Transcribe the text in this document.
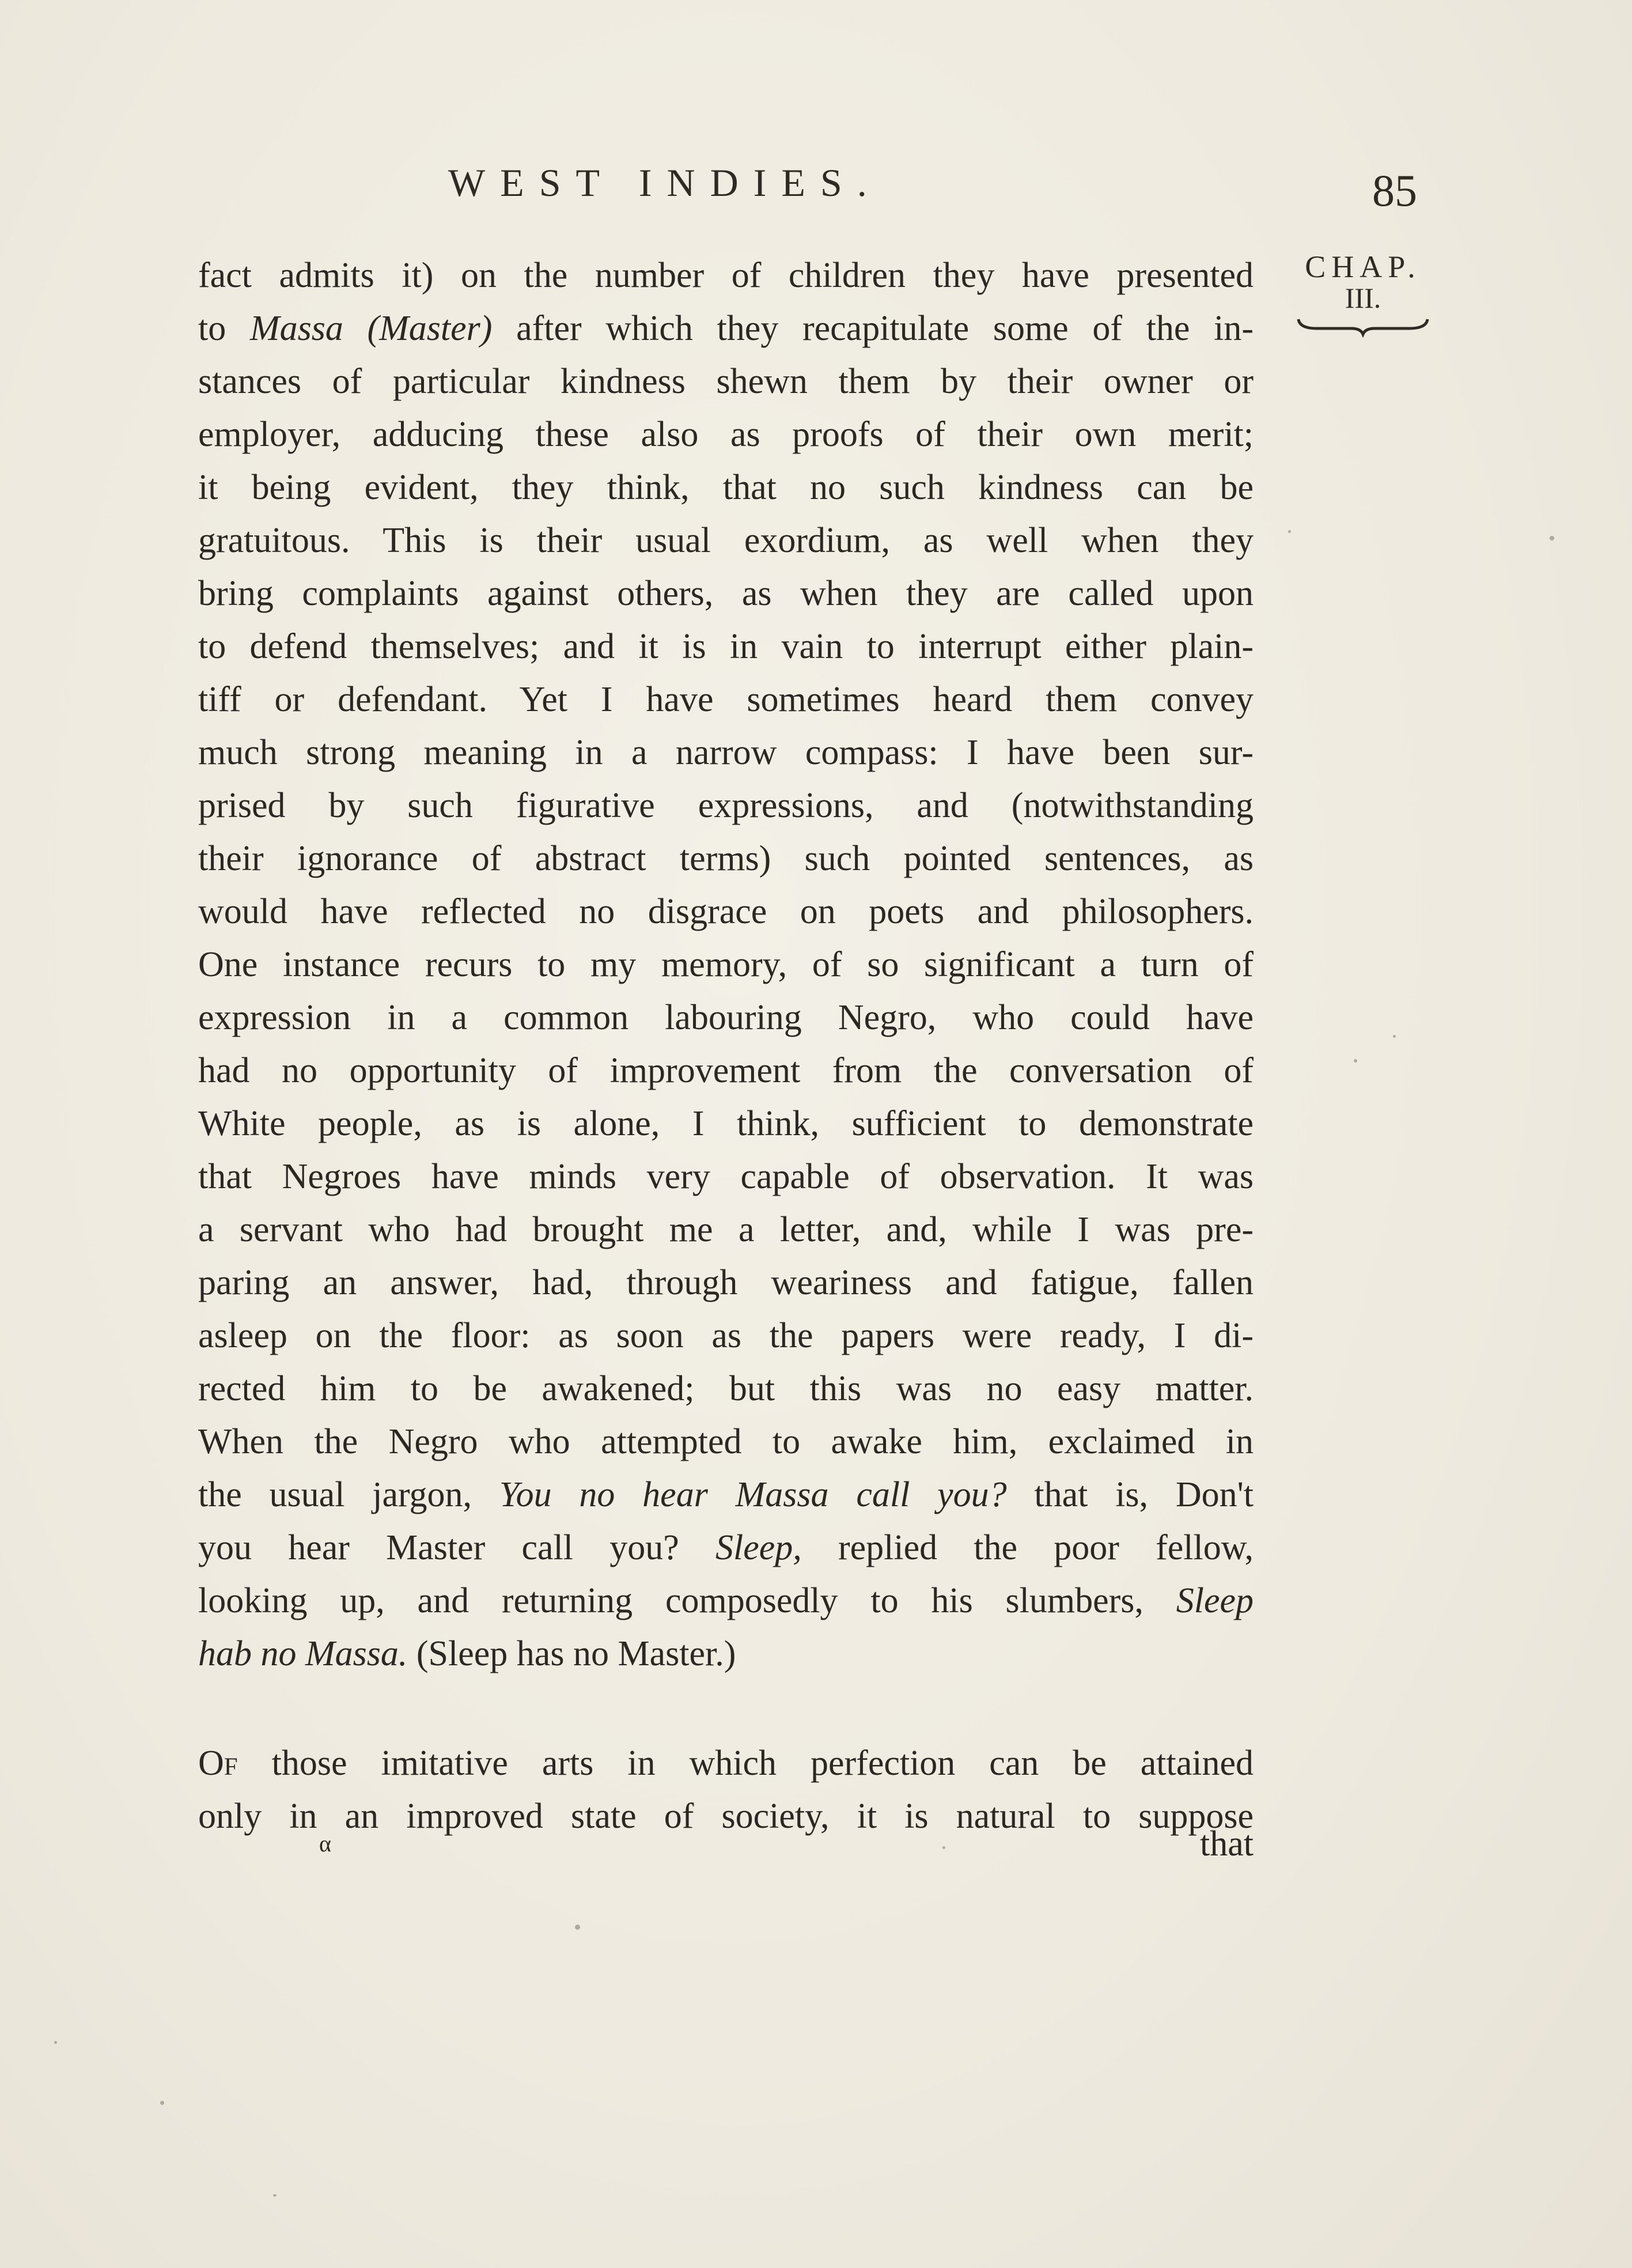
WEST INDIES.	85
CHAP.
III.
fact admits it) on the number of children they have presented
to Massa (Master) after which they recapitulate some of the in-
stances of particular kindness shewn them by their owner or
employer, adducing these also as proofs of their own merit;
it being evident, they think, that no such kindness can be
gratuitous. This is their usual exordium, as well when they
bring complaints against others, as when they are called upon
to defend themselves; and it is in vain to interrupt either plain-
tiff or defendant. Yet I have sometimes heard them convey
much strong meaning in a narrow compass: I have been sur-
prised by such figurative expressions, and (notwithstanding
their ignorance of abstract terms) such pointed sentences, as
would have reflected no disgrace on poets and philosophers.
One instance recurs to my memory, of so significant a turn of
expression in a common labouring Negro, who could have
had no opportunity of improvement from the conversation of
White people, as is alone, I think, sufficient to demonstrate
that Negroes have minds very capable of observation. It was
a servant who had brought me a letter, and, while I was pre-
paring an answer, had, through weariness and fatigue, fallen
asleep on the floor: as soon as the papers were ready, I di-
rected him to be awakened; but this was no easy matter.
When the Negro who attempted to awake him, exclaimed in
the usual jargon, You no hear Massa call you? that is, Don't
you hear Master call you? Sleep, replied the poor fellow,
looking up, and returning composedly to his slumbers, Sleep
hab no Massa. (Sleep has no Master.)
Of those imitative arts in which perfection can be attained
only in an improved state of society, it is natural to suppose
α	that
